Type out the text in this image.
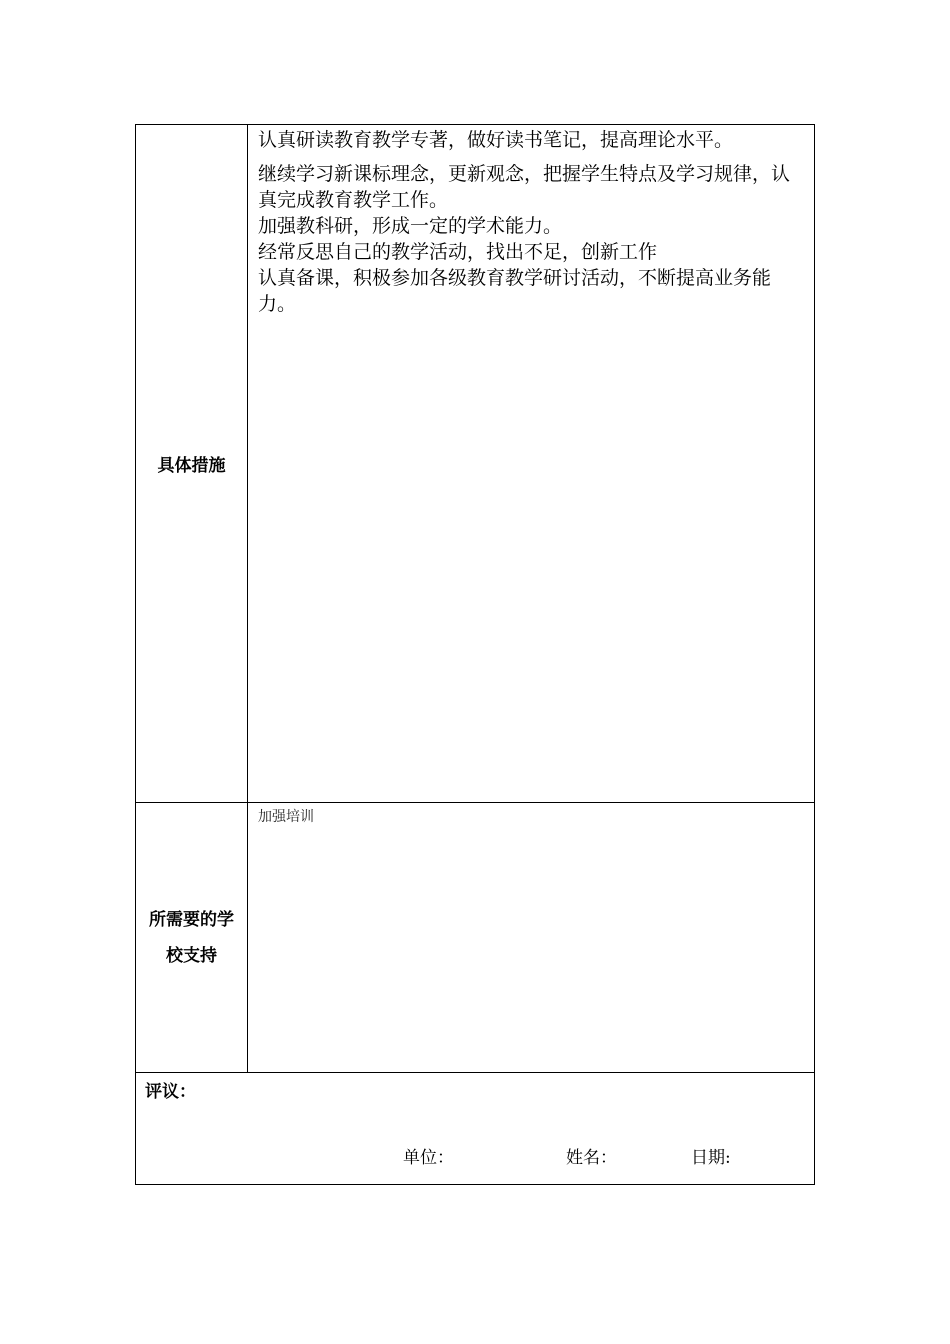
具体措施

认真研读教育教学专著，做好读书笔记，提高理论水平。

继续学习新课标理念，更新观念，把握学生特点及学习规律，认真完成教育教学工作。

加强教科研，形成一定的学术能力。

经常反思自己的教学活动，找出不足，创新工作

认真备课，积极参加各级教育教学研讨活动，不断提高业务能力。

所需要的学
校支持
加强培训
评议：
单位：	姓名：	日期:
